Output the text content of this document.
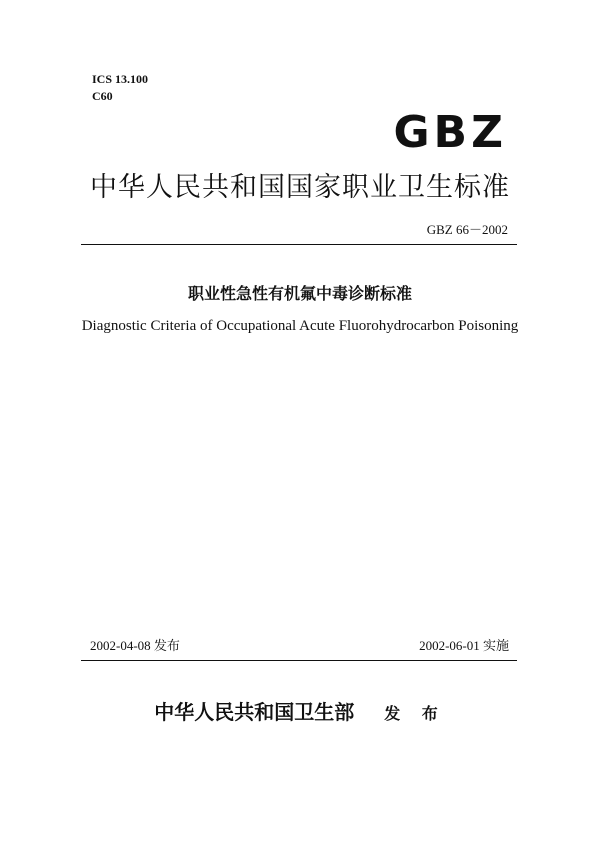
ICS 13.100
C60
GBZ
中华人民共和国国家职业卫生标准
GBZ 66－2002
职业性急性有机氟中毒诊断标准
Diagnostic Criteria of Occupational Acute Fluorohydrocarbon Poisoning
2002-04-08 发布	2002-06-01 实施
中华人民共和国卫生部 发 布
